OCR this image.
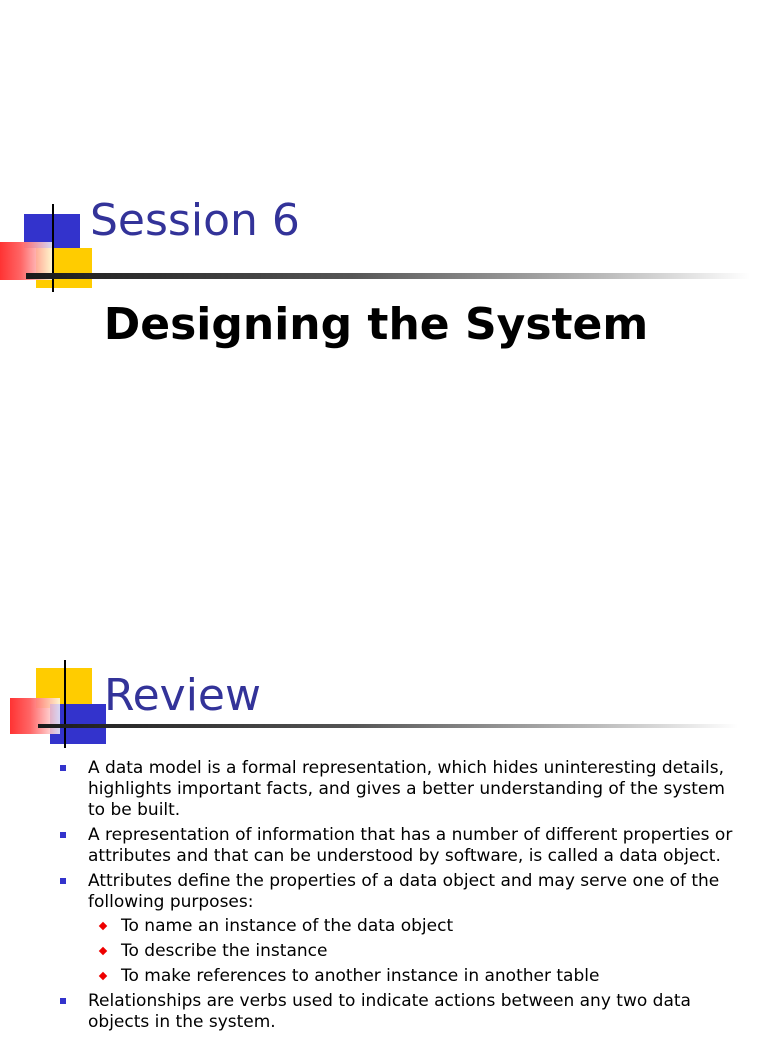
Session 6
Designing the System
Review
A data model is a formal representation, which hides uninteresting details, highlights important facts, and gives a better understanding of the system to be built.
A representation of information that has a number of different properties or attributes and that can be understood by software, is called a data object.
Attributes define the properties of a data object and may serve one of the following purposes:
To name an instance of the data object
To describe the instance
To make references to another instance in another table
Relationships are verbs used to indicate actions between any two data objects in the system.
